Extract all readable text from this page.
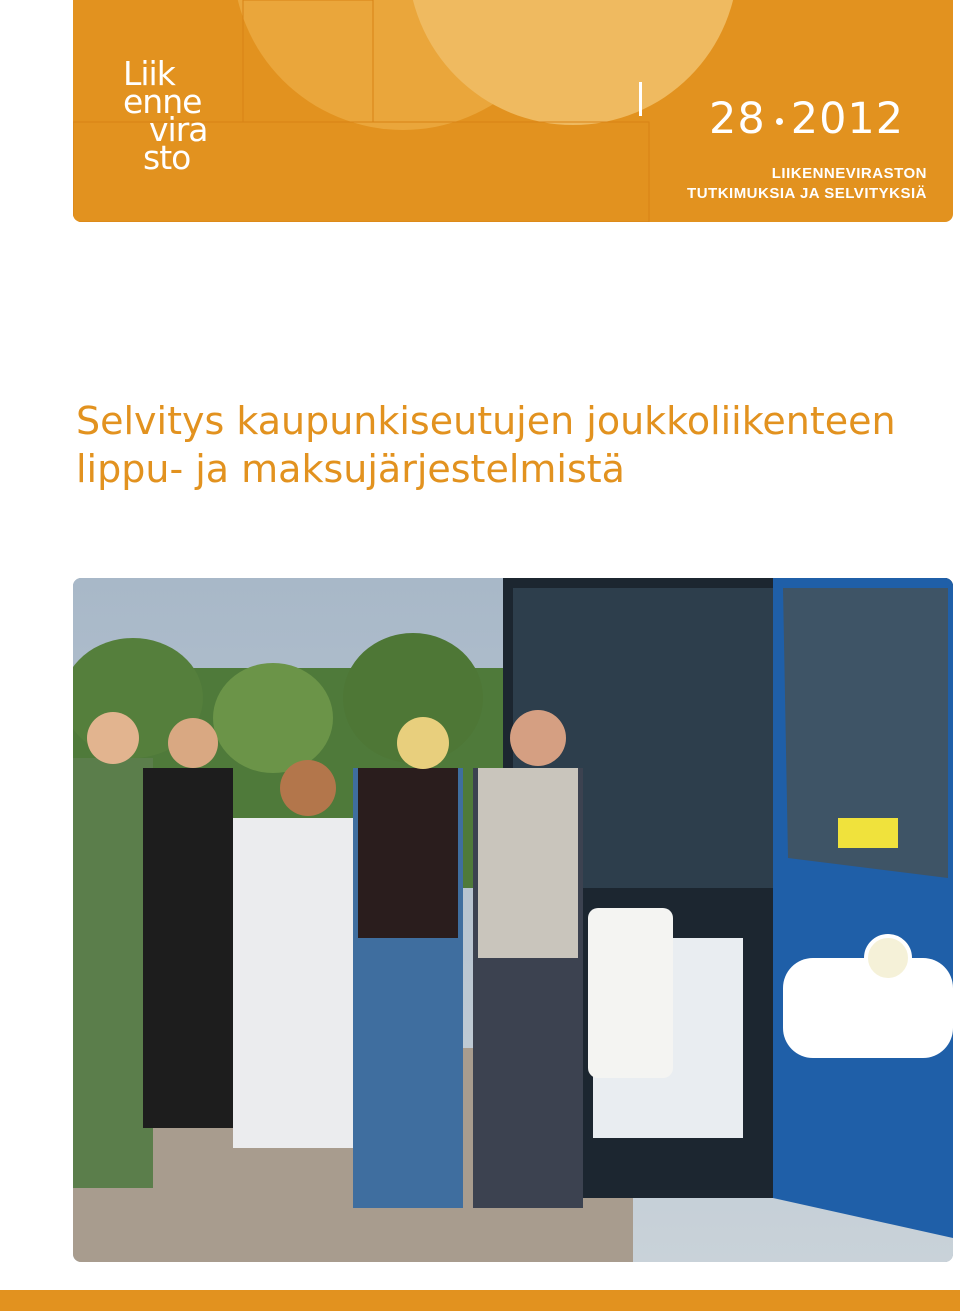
Liik
enne
vira
sto
28 2012
LIIKENNEVIRASTON
TUTKIMUKSIA JA SELVITYKSIÄ
Selvitys kaupunkiseutujen joukkoliikenteen
lippu- ja maksujärjestelmistä
